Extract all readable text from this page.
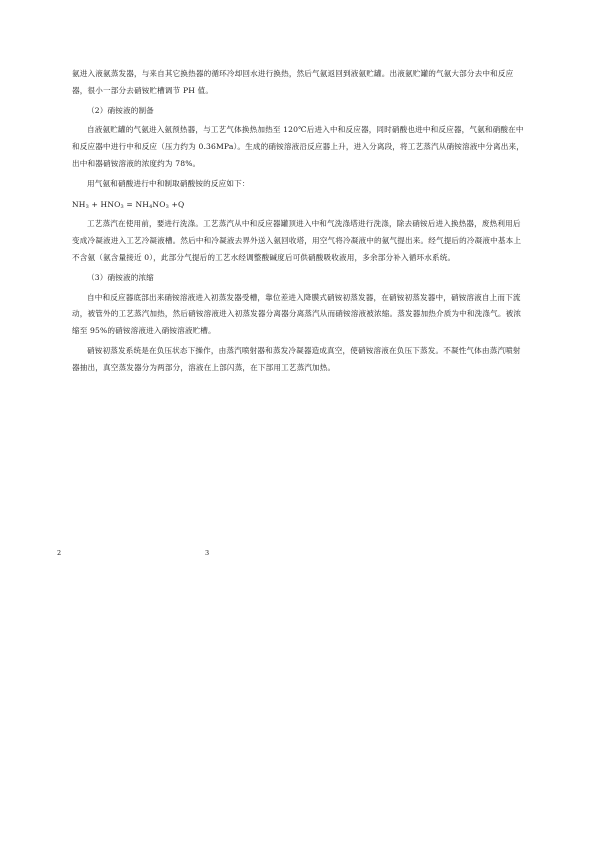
氨进入液氨蒸发器，与来自其它换热器的循环冷却回水进行换热，然后气氨返回到液氨贮罐。出液氨贮罐的气氨大部分去中和反应器，很小一部分去硝铵贮槽调节 PH 值。

（2）硝铵液的制备

自液氨贮罐的气氨进入氨预热器，与工艺气体换热加热至 120℃后进入中和反应器，同时硝酸也进中和反应器，气氨和硝酸在中和反应器中进行中和反应（压力约为 0.36MPa）。生成的硝铵溶液沿反应器上升，进入分离段，将工艺蒸汽从硝铵溶液中分离出来，出中和器硝铵溶液的浓度约为 78%。

用气氨和硝酸进行中和制取硝酸铵的反应如下：

$NH_3 + HNO_3 = NH_4NO_3 +Q$

工艺蒸汽在使用前，要进行洗涤。工艺蒸汽从中和反应器罐顶进入中和气洗涤塔进行洗涤，除去硝铵后进入换热器，废热利用后变成冷凝液进入工艺冷凝液槽。然后中和冷凝液去界外送入氨回收塔，用空气将冷凝液中的氨气提出来。经气提后的冷凝液中基本上不含氨（氨含量接近 0），此部分气提后的工艺水经调整酸碱度后可供硝酸吸收液用，多余部分补入循环水系统。

（3）硝铵液的浓缩

自中和反应器底部出来硝铵溶液进入初蒸发器受槽，靠位差进入降膜式硝铵初蒸发器，在硝铵初蒸发器中，硝铵溶液自上而下流动，被管外的工艺蒸汽加热，然后硝铵溶液进入初蒸发器分离器分离蒸汽从而硝铵溶液被浓缩。蒸发器加热介质为中和洗涤气。被浓缩至 95%的硝铵溶液进入硝铵溶液贮槽。

硝铵初蒸发系统是在负压状态下操作，由蒸汽喷射器和蒸发冷凝器造成真空，使硝铵溶液在负压下蒸发。不凝性气体由蒸汽喷射器抽出，真空蒸发器分为两部分，溶液在上部闪蒸，在下部用工艺蒸汽加热。

2	3
